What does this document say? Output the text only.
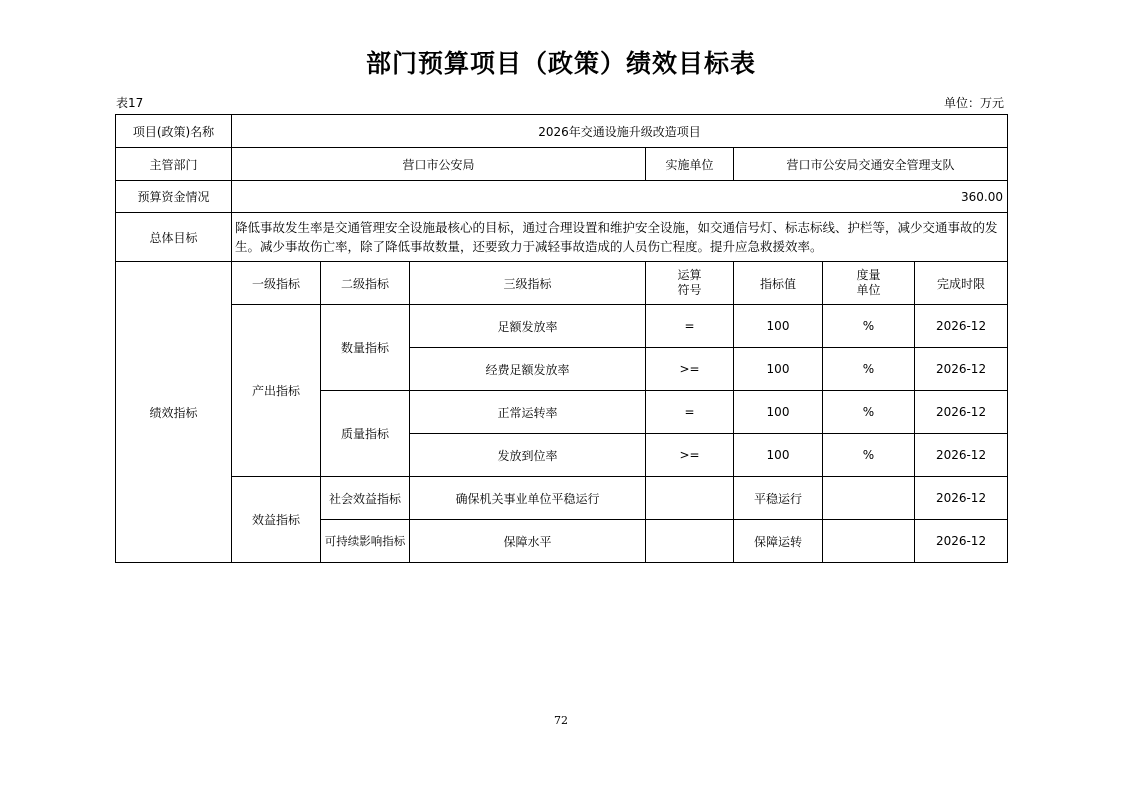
部门预算项目（政策）绩效目标表
表17	单位：万元
项目(政策)名称	2026年交通设施升级改造项目						
主管部门	营口市公安局			实施单位	营口市公安局交通安全管理支队		
预算资金情况	360.00						
总体目标	降低事故发生率是交通管理安全设施最核心的目标，通过合理设置和维护安全设施，如交通信号灯、标志标线、护栏等，减少交通事故的发生。减少事故伤亡率，除了降低事故数量，还要致力于减轻事故造成的人员伤亡程度。提升应急救援效率。						
绩效指标	一级指标	二级指标	三级指标	运算符号	指标值	度量单位	完成时限
	产出指标	数量指标	足额发放率	=	100	%	2026-12
			经费足额发放率	>=	100	%	2026-12
		质量指标	正常运转率	=	100	%	2026-12
			发放到位率	>=	100	%	2026-12
	效益指标	社会效益指标	确保机关事业单位平稳运行		平稳运行		2026-12
		可持续影响指标	保障水平		保障运转		2026-12
72
